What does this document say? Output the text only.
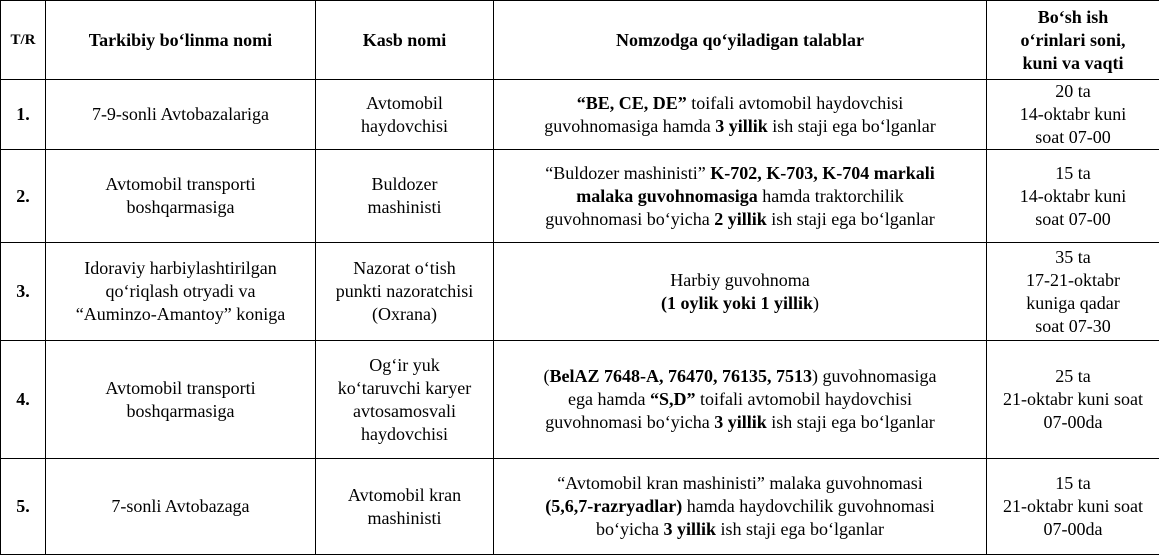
T/R	Tarkibiy bo‘linma nomi	Kasb nomi	Nomzodga qo‘yiladigan talablar	Bo‘sh ish
o‘rinlari soni,
kuni va vaqti

1.	7-9-sonli Avtobazalariga	Avtomobil
haydovchisi	“BE, CE, DE” toifali avtomobil haydovchisi
guvohnomasiga hamda 3 yillik ish staji ega bo‘lganlar	20 ta
14-oktabr kuni
soat 07-00

2.	Avtomobil transporti
boshqarmasiga	Buldozer
mashinisti	“Buldozer mashinisti” K-702, K-703, K-704 markali
malaka guvohnomasiga hamda traktorchilik
guvohnomasi bo‘yicha 2 yillik ish staji ega bo‘lganlar	15 ta
14-oktabr kuni
soat 07-00

3.	Idoraviy harbiylashtirilgan
qo‘riqlash otryadi va
“Auminzo-Amantoy” koniga	Nazorat o‘tish
punkti nazoratchisi
(Oxrana)	Harbiy guvohnoma
(1 oylik yoki 1 yillik)	35 ta
17-21-oktabr
kuniga qadar
soat 07-30

4.	Avtomobil transporti
boshqarmasiga	Og‘ir yuk
ko‘taruvchi karyer
avtosamosvali
haydovchisi	(BelAZ 7648-A, 76470, 76135, 7513) guvohnomasiga
ega hamda “S,D” toifali avtomobil haydovchisi
guvohnomasi bo‘yicha 3 yillik ish staji ega bo‘lganlar	25 ta
21-oktabr kuni soat
07-00da

5.	7-sonli Avtobazaga	Avtomobil kran
mashinisti	“Avtomobil kran mashinisti” malaka guvohnomasi
(5,6,7-razryadlar) hamda haydovchilik guvohnomasi
bo‘yicha 3 yillik ish staji ega bo‘lganlar	15 ta
21-oktabr kuni soat
07-00da
